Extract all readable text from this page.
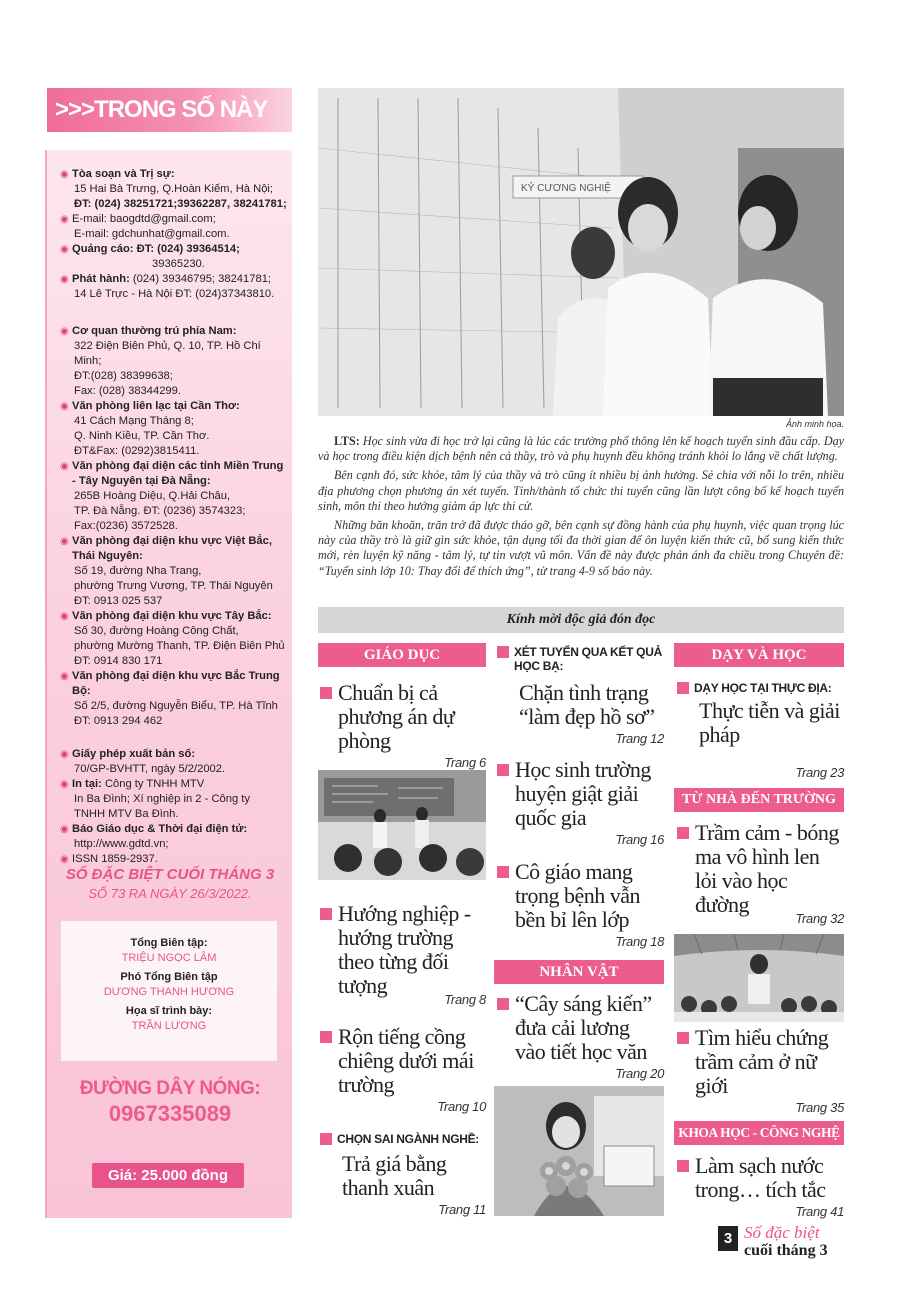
>>>TRONG SỐ NÀY
◉ Tòa soạn và Trị sự:
15 Hai Bà Trưng, Q.Hoàn Kiếm, Hà Nội;
ĐT: (024) 38251721;39362287, 38241781;
◉ E-mail: baogdtd@gmail.com;
E-mail: gdchunhat@gmail.com.
◉ Quảng cáo: ĐT: (024) 39364514;
39365230.
◉ Phát hành: (024) 39346795; 38241781;
14 Lê Trực - Hà Nội ĐT: (024)37343810.
◉ Cơ quan thường trú phía Nam:
322 Điện Biên Phủ, Q. 10, TP. Hồ Chí Minh;
ĐT:(028) 38399638;
Fax: (028) 38344299.
◉ Văn phòng liên lạc tại Cần Thơ:
41 Cách Mạng Tháng 8;
Q. Ninh Kiều, TP. Cần Thơ.
ĐT&Fax: (0292)3815411.
◉ Văn phòng đại diện các tỉnh Miền Trung - Tây Nguyên tại Đà Nẵng:
265B Hoàng Diệu, Q.Hải Châu,
TP. Đà Nẵng. ĐT: (0236) 3574323;
Fax:(0236) 3572528.
◉ Văn phòng đại diện khu vực Việt Bắc, Thái Nguyên:
Số 19, đường Nha Trang,
phường Trưng Vương, TP. Thái Nguyên
ĐT: 0913 025 537
◉ Văn phòng đại diện khu vực Tây Bắc:
Số 30, đường Hoàng Công Chất,
phường Mường Thanh, TP. Điện Biên Phủ
ĐT: 0914 830 171
◉ Văn phòng đại diện khu vực Bắc Trung Bộ:
Số 2/5, đường Nguyễn Biểu, TP. Hà Tĩnh
ĐT: 0913 294 462
◉ Giấy phép xuất bản số:
70/GP-BVHTT, ngày 5/2/2002.
◉ In tại: Công ty TNHH MTV
In Ba Đình; Xí nghiệp in 2 - Công ty
TNHH MTV Ba Đình.
◉ Báo Giáo dục & Thời đại điện tử:
http://www.gdtd.vn;
◉ ISSN 1859-2937.
SỐ ĐẶC BIỆT CUỐI THÁNG 3
SỐ 73 RA NGÀY 26/3/2022.
Tổng Biên tập:
TRIỆU NGỌC LÂM
Phó Tổng Biên tập
DƯƠNG THANH HƯƠNG
Họa sĩ trình bày:
TRẦN LƯƠNG
ĐƯỜNG DÂY NÓNG:
0967335089
Giá: 25.000 đồng
KỶ CƯƠNG NGHIỆ
Ảnh minh họa.

LTS: Học sinh vừa đi học trở lại cũng là lúc các trường phổ thông lên kế hoạch tuyển sinh đầu cấp. Dạy và học trong điều kiện dịch bệnh nên cả thầy, trò và phụ huynh đều không tránh khỏi lo lắng về chất lượng.

Bên cạnh đó, sức khỏe, tâm lý của thầy và trò cũng ít nhiều bị ảnh hưởng. Sẻ chia với nỗi lo trên, nhiều địa phương chọn phương án xét tuyển. Tỉnh/thành tổ chức thi tuyển cũng lần lượt công bố kế hoạch tuyển sinh, môn thi theo hướng giảm áp lực thi cử.

Những băn khoăn, trăn trở đã được tháo gỡ, bên cạnh sự đồng hành của phụ huynh, việc quan trọng lúc này của thầy trò là giữ gìn sức khỏe, tận dụng tối đa thời gian để ôn luyện kiến thức cũ, bổ sung kiến thức mới, rèn luyện kỹ năng - tâm lý, tự tin vượt vũ môn. Vấn đề này được phản ánh đa chiều trong Chuyên đề: “Tuyển sinh lớp 10: Thay đổi để thích ứng”, từ trang 4-9 số báo này.

Kính mời độc giả đón đọc
GIÁO DỤC
Chuẩn bị cả phương án dự phòng
Trang 6
Hướng nghiệp - hướng trường theo từng đối tượng
Trang 8
Rộn tiếng cồng chiêng dưới mái trường
Trang 10
CHỌN SAI NGÀNH NGHỀ:
Trả giá bằng thanh xuân
Trang 11
XÉT TUYỂN QUA KẾT QUẢ HỌC BẠ:
Chặn tình trạng “làm đẹp hồ sơ”
Trang 12
Học sinh trường huyện giật giải quốc gia
Trang 16
Cô giáo mang trọng bệnh vẫn bền bỉ lên lớp
Trang 18
NHÂN VẬT
“Cây sáng kiến” đưa cải lương vào tiết học văn
Trang 20
DẠY VÀ HỌC
DẠY HỌC TẠI THỰC ĐỊA:
Thực tiễn và giải pháp
Trang 23
TỪ NHÀ ĐẾN TRƯỜNG
Trầm cảm - bóng ma vô hình len lỏi vào học đường
Trang 32
Tìm hiểu chứng trầm cảm ở nữ giới
Trang 35
KHOA HỌC - CÔNG NGHỆ
Làm sạch nước trong… tích tắc
Trang 41
3 Số đặc biệt
cuối tháng 3
